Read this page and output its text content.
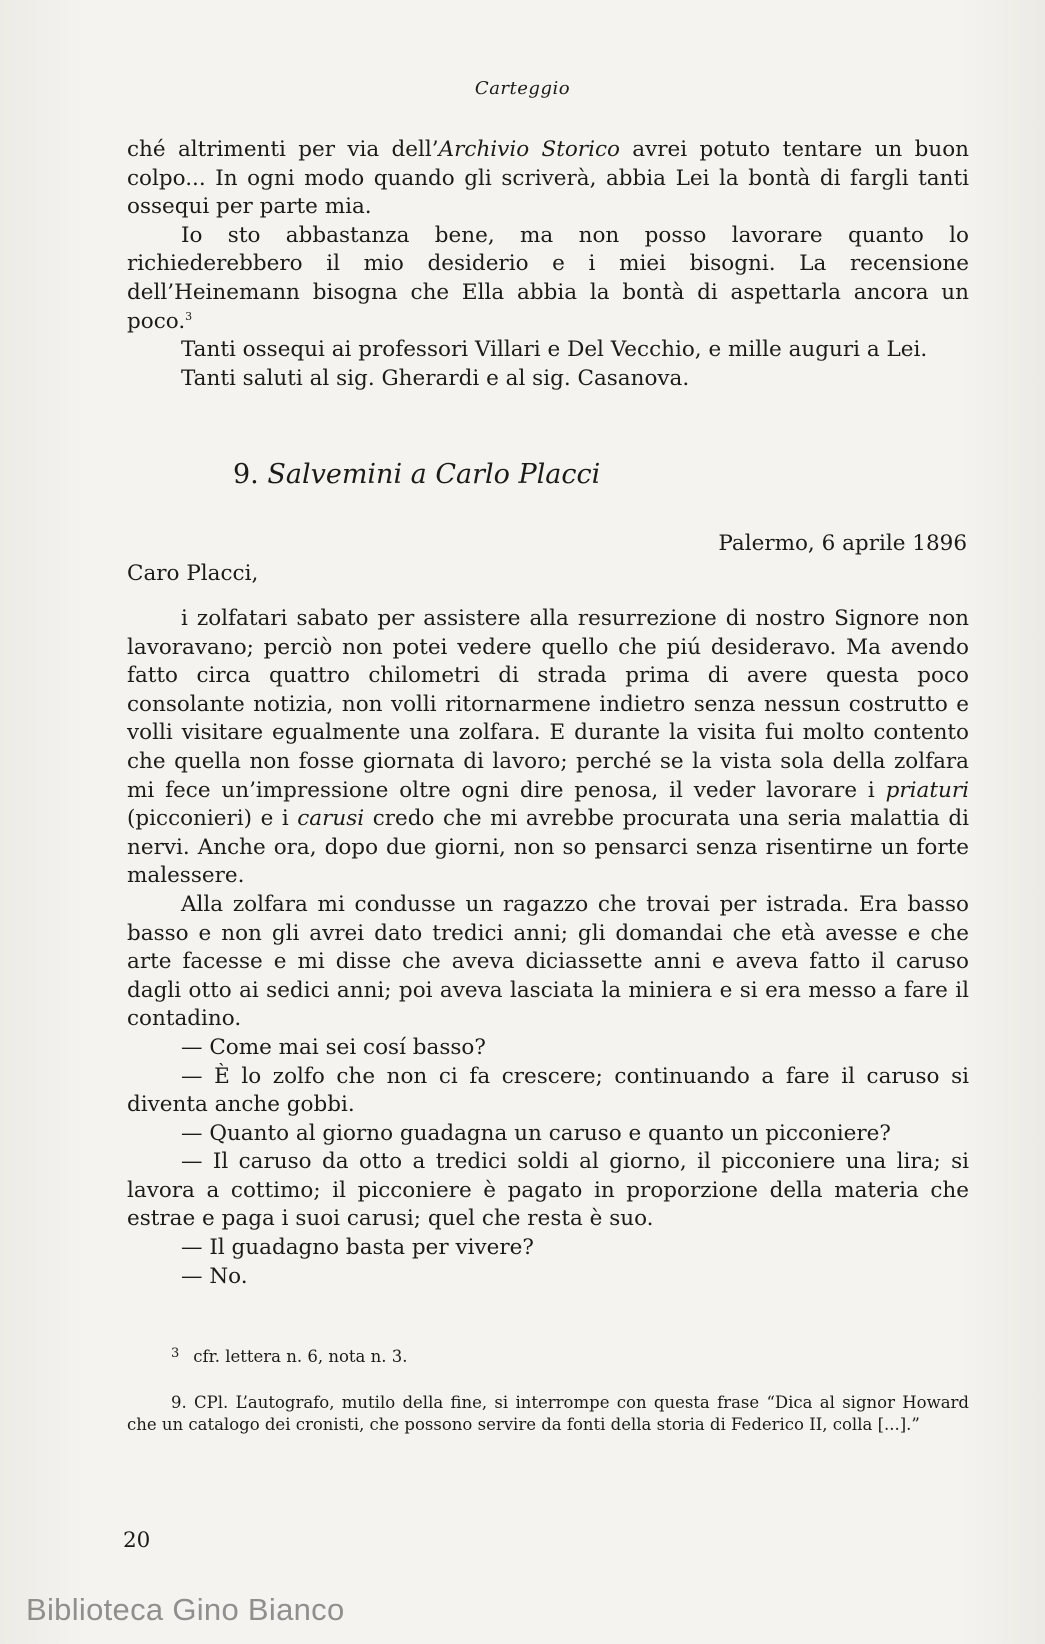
Carteggio

ché altrimenti per via dell’Archivio Storico avrei potuto tentare un buon colpo... In ogni modo quando gli scriverà, abbia Lei la bontà di fargli tanti ossequi per parte mia.

Io sto abbastanza bene, ma non posso lavorare quanto lo richiederebbero il mio desiderio e i miei bisogni. La recensione dell’Heinemann bisogna che Ella abbia la bontà di aspettarla ancora un poco.$^3$

Tanti ossequi ai professori Villari e Del Vecchio, e mille auguri a Lei.

Tanti saluti al sig. Gherardi e al sig. Casanova.

9. Salvemini a Carlo Placci
Palermo, 6 aprile 1896
Caro Placci,

i zolfatari sabato per assistere alla resurrezione di nostro Signore non lavoravano; perciò non potei vedere quello che piú desideravo. Ma avendo fatto circa quattro chilometri di strada prima di avere questa poco consolante notizia, non volli ritornarmene indietro senza nessun costrutto e volli visitare egualmente una zolfara. E durante la visita fui molto contento che quella non fosse giornata di lavoro; perché se la vista sola della zolfara mi fece un’impressione oltre ogni dire penosa, il veder lavorare i priaturi (picconieri) e i carusi credo che mi avrebbe procurata una seria malattia di nervi. Anche ora, dopo due giorni, non so pensarci senza risentirne un forte malessere.

Alla zolfara mi condusse un ragazzo che trovai per istrada. Era basso basso e non gli avrei dato tredici anni; gli domandai che età avesse e che arte facesse e mi disse che aveva diciassette anni e aveva fatto il caruso dagli otto ai sedici anni; poi aveva lasciata la miniera e si era messo a fare il contadino.

— Come mai sei cosí basso?

— È lo zolfo che non ci fa crescere; continuando a fare il caruso si diventa anche gobbi.

— Quanto al giorno guadagna un caruso e quanto un picconiere?

— Il caruso da otto a tredici soldi al giorno, il picconiere una lira; si lavora a cottimo; il picconiere è pagato in proporzione della materia che estrae e paga i suoi carusi; quel che resta è suo.

— Il guadagno basta per vivere?

— No.

$^3$ cfr. lettera n. 6, nota n. 3.

9. CPl. L’autografo, mutilo della fine, si interrompe con questa frase “Dica al signor Howard che un catalogo dei cronisti, che possono servire da fonti della storia di Federico II, colla [...].”

20
Biblioteca Gino Bianco
